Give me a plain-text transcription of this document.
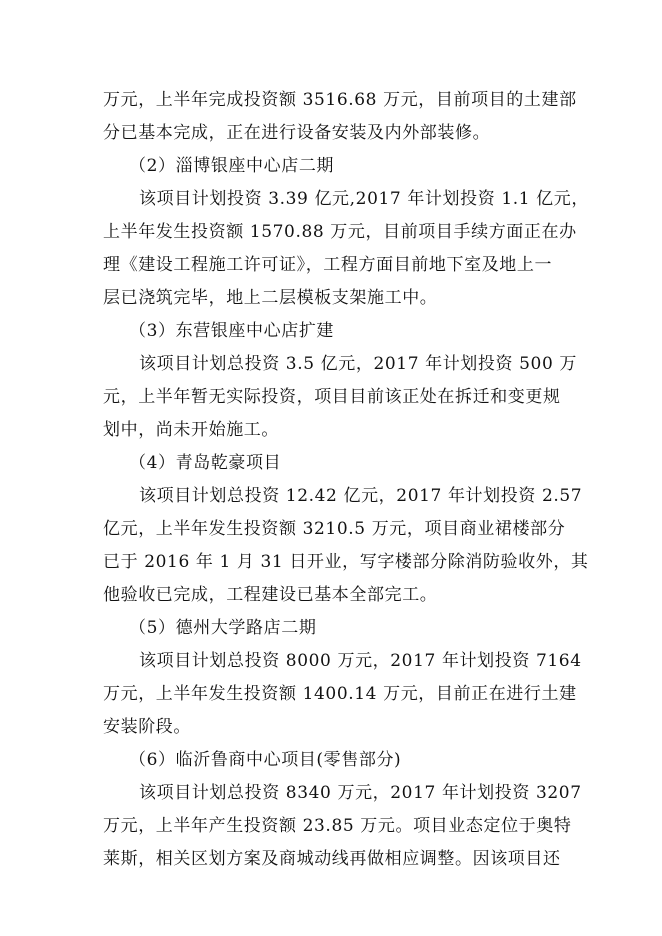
万元，上半年完成投资额 3516.68 万元，目前项目的土建部
分已基本完成，正在进行设备安装及内外部装修。
（2）淄博银座中心店二期
该项目计划投资 3.39 亿元,2017 年计划投资 1.1 亿元，
上半年发生投资额 1570.88 万元，目前项目手续方面正在办
理《建设工程施工许可证》，工程方面目前地下室及地上一
层已浇筑完毕，地上二层模板支架施工中。
（3）东营银座中心店扩建
该项目计划总投资 3.5 亿元，2017 年计划投资 500 万
元，上半年暂无实际投资，项目目前该正处在拆迁和变更规
划中，尚未开始施工。
（4）青岛乾豪项目
该项目计划总投资 12.42 亿元，2017 年计划投资 2.57
亿元，上半年发生投资额 3210.5 万元，项目商业裙楼部分
已于 2016 年 1 月 31 日开业，写字楼部分除消防验收外，其
他验收已完成，工程建设已基本全部完工。
（5）德州大学路店二期
该项目计划总投资 8000 万元，2017 年计划投资 7164
万元，上半年发生投资额 1400.14 万元，目前正在进行土建
安装阶段。
（6）临沂鲁商中心项目(零售部分)
该项目计划总投资 8340 万元，2017 年计划投资 3207
万元，上半年产生投资额 23.85 万元。项目业态定位于奥特
莱斯，相关区划方案及商城动线再做相应调整。因该项目还
